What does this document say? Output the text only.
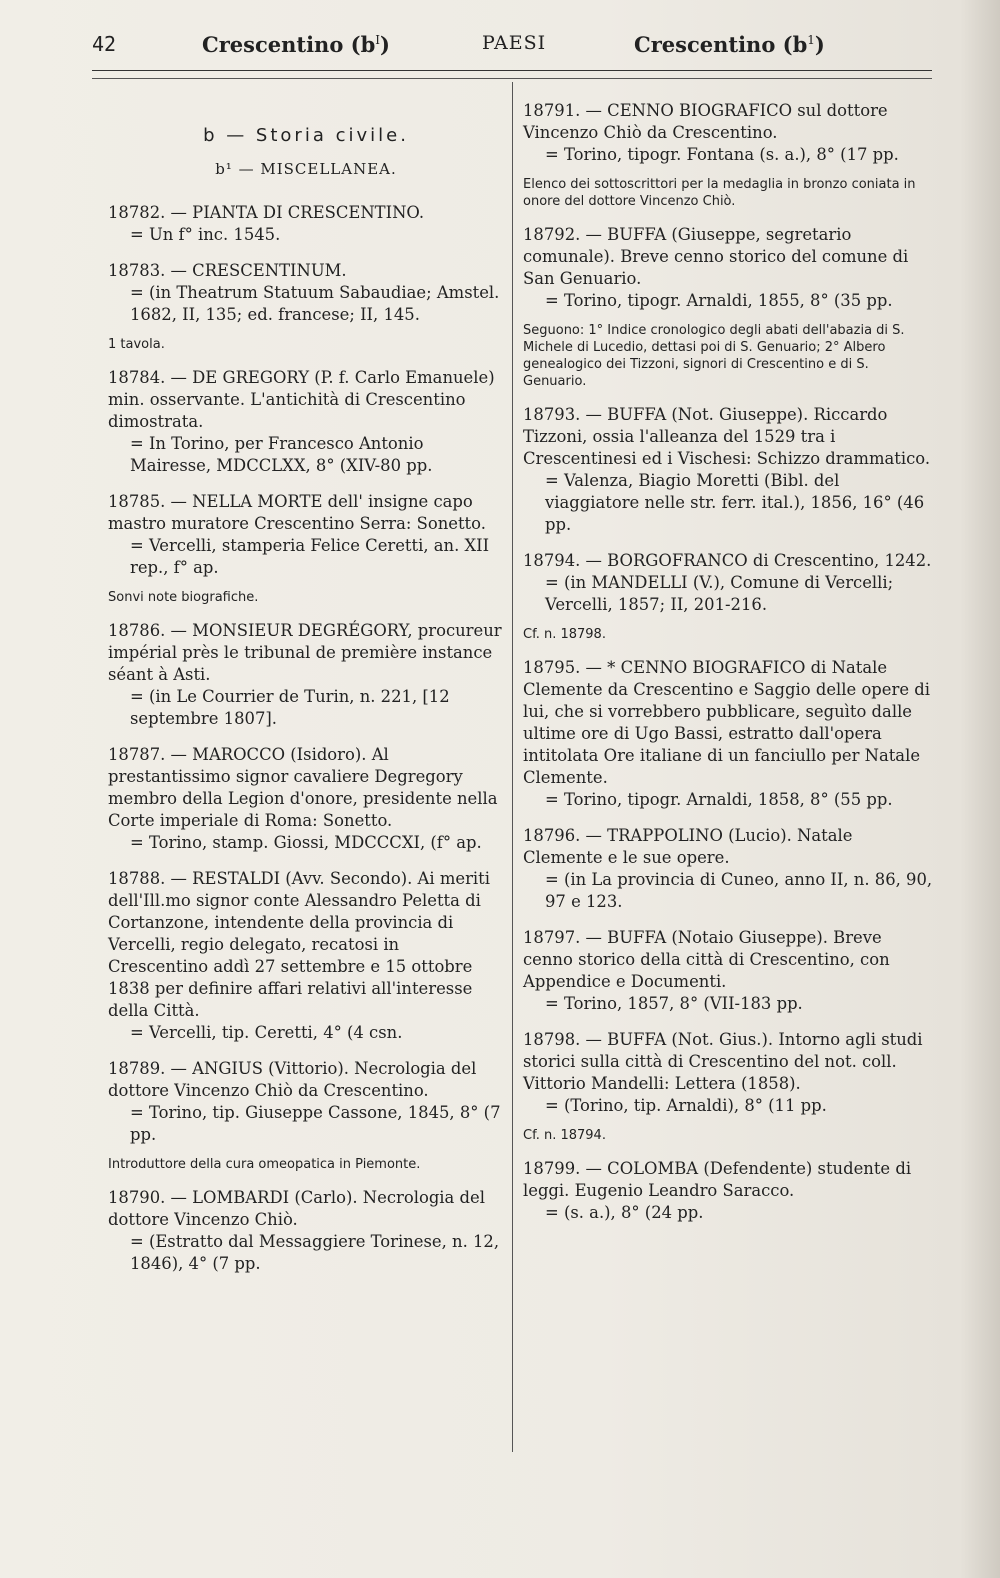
42	Crescentino $(b^I)$	PAESI	Crescentino $(b^1)$
b — Storia civile.
b¹ — MISCELLANEA.

18782. — PIANTA DI CRESCENTINO.

= Un f° inc. 1545.

18783. — CRESCENTINUM.

= (in Theatrum Statuum Sabaudiae; Amstel. 1682, II, 135; ed. francese; II, 145.

1 tavola.

18784. — DE GREGORY (P. f. Carlo Emanuele) min. osservante. L'antichità di Crescentino dimostrata.

= In Torino, per Francesco Antonio Mairesse, MDCCLXX, 8° (XIV-80 pp.

18785. — NELLA MORTE dell' insigne capo mastro muratore Crescentino Serra: Sonetto.

= Vercelli, stamperia Felice Ceretti, an. XII rep., f° ap.

Sonvi note biografiche.

18786. — MONSIEUR DEGRÉGORY, procureur impérial près le tribunal de première instance séant à Asti.

= (in Le Courrier de Turin, n. 221, [12 septembre 1807].

18787. — MAROCCO (Isidoro). Al prestantissimo signor cavaliere Degregory membro della Legion d'onore, presidente nella Corte imperiale di Roma: Sonetto.

= Torino, stamp. Giossi, MDCCCXI, (f° ap.

18788. — RESTALDI (Avv. Secondo). Ai meriti dell'Ill.mo signor conte Alessandro Peletta di Cortanzone, intendente della provincia di Vercelli, regio delegato, recatosi in Crescentino addì 27 settembre e 15 ottobre 1838 per definire affari relativi all'interesse della Città.

= Vercelli, tip. Ceretti, 4° (4 csn.

18789. — ANGIUS (Vittorio). Necrologia del dottore Vincenzo Chiò da Crescentino.

= Torino, tip. Giuseppe Cassone, 1845, 8° (7 pp.

Introduttore della cura omeopatica in Piemonte.

18790. — LOMBARDI (Carlo). Necrologia del dottore Vincenzo Chiò.

= (Estratto dal Messaggiere Torinese, n. 12, 1846), 4° (7 pp.

18791. — CENNO BIOGRAFICO sul dottore Vincenzo Chiò da Crescentino.

= Torino, tipogr. Fontana (s. a.), 8° (17 pp.

Elenco dei sottoscrittori per la medaglia in bronzo coniata in onore del dottore Vincenzo Chiò.

18792. — BUFFA (Giuseppe, segretario comunale). Breve cenno storico del comune di San Genuario.

= Torino, tipogr. Arnaldi, 1855, 8° (35 pp.

Seguono: 1° Indice cronologico degli abati dell'abazia di S. Michele di Lucedio, dettasi poi di S. Genuario; 2° Albero genealogico dei Tizzoni, signori di Crescentino e di S. Genuario.

18793. — BUFFA (Not. Giuseppe). Riccardo Tizzoni, ossia l'alleanza del 1529 tra i Crescentinesi ed i Vischesi: Schizzo drammatico.

= Valenza, Biagio Moretti (Bibl. del viaggiatore nelle str. ferr. ital.), 1856, 16° (46 pp.

18794. — BORGOFRANCO di Crescentino, 1242.

= (in MANDELLI (V.), Comune di Vercelli; Vercelli, 1857; II, 201-216.

Cf. n. 18798.

18795. — * CENNO BIOGRAFICO di Natale Clemente da Crescentino e Saggio delle opere di lui, che si vorrebbero pubblicare, seguìto dalle ultime ore di Ugo Bassi, estratto dall'opera intitolata Ore italiane di un fanciullo per Natale Clemente.

= Torino, tipogr. Arnaldi, 1858, 8° (55 pp.

18796. — TRAPPOLINO (Lucio). Natale Clemente e le sue opere.

= (in La provincia di Cuneo, anno II, n. 86, 90, 97 e 123.

18797. — BUFFA (Notaio Giuseppe). Breve cenno storico della città di Crescentino, con Appendice e Documenti.

= Torino, 1857, 8° (VII-183 pp.

18798. — BUFFA (Not. Gius.). Intorno agli studi storici sulla città di Crescentino del not. coll. Vittorio Mandelli: Lettera (1858).

= (Torino, tip. Arnaldi), 8° (11 pp.

Cf. n. 18794.

18799. — COLOMBA (Defendente) studente di leggi. Eugenio Leandro Saracco.

= (s. a.), 8° (24 pp.
